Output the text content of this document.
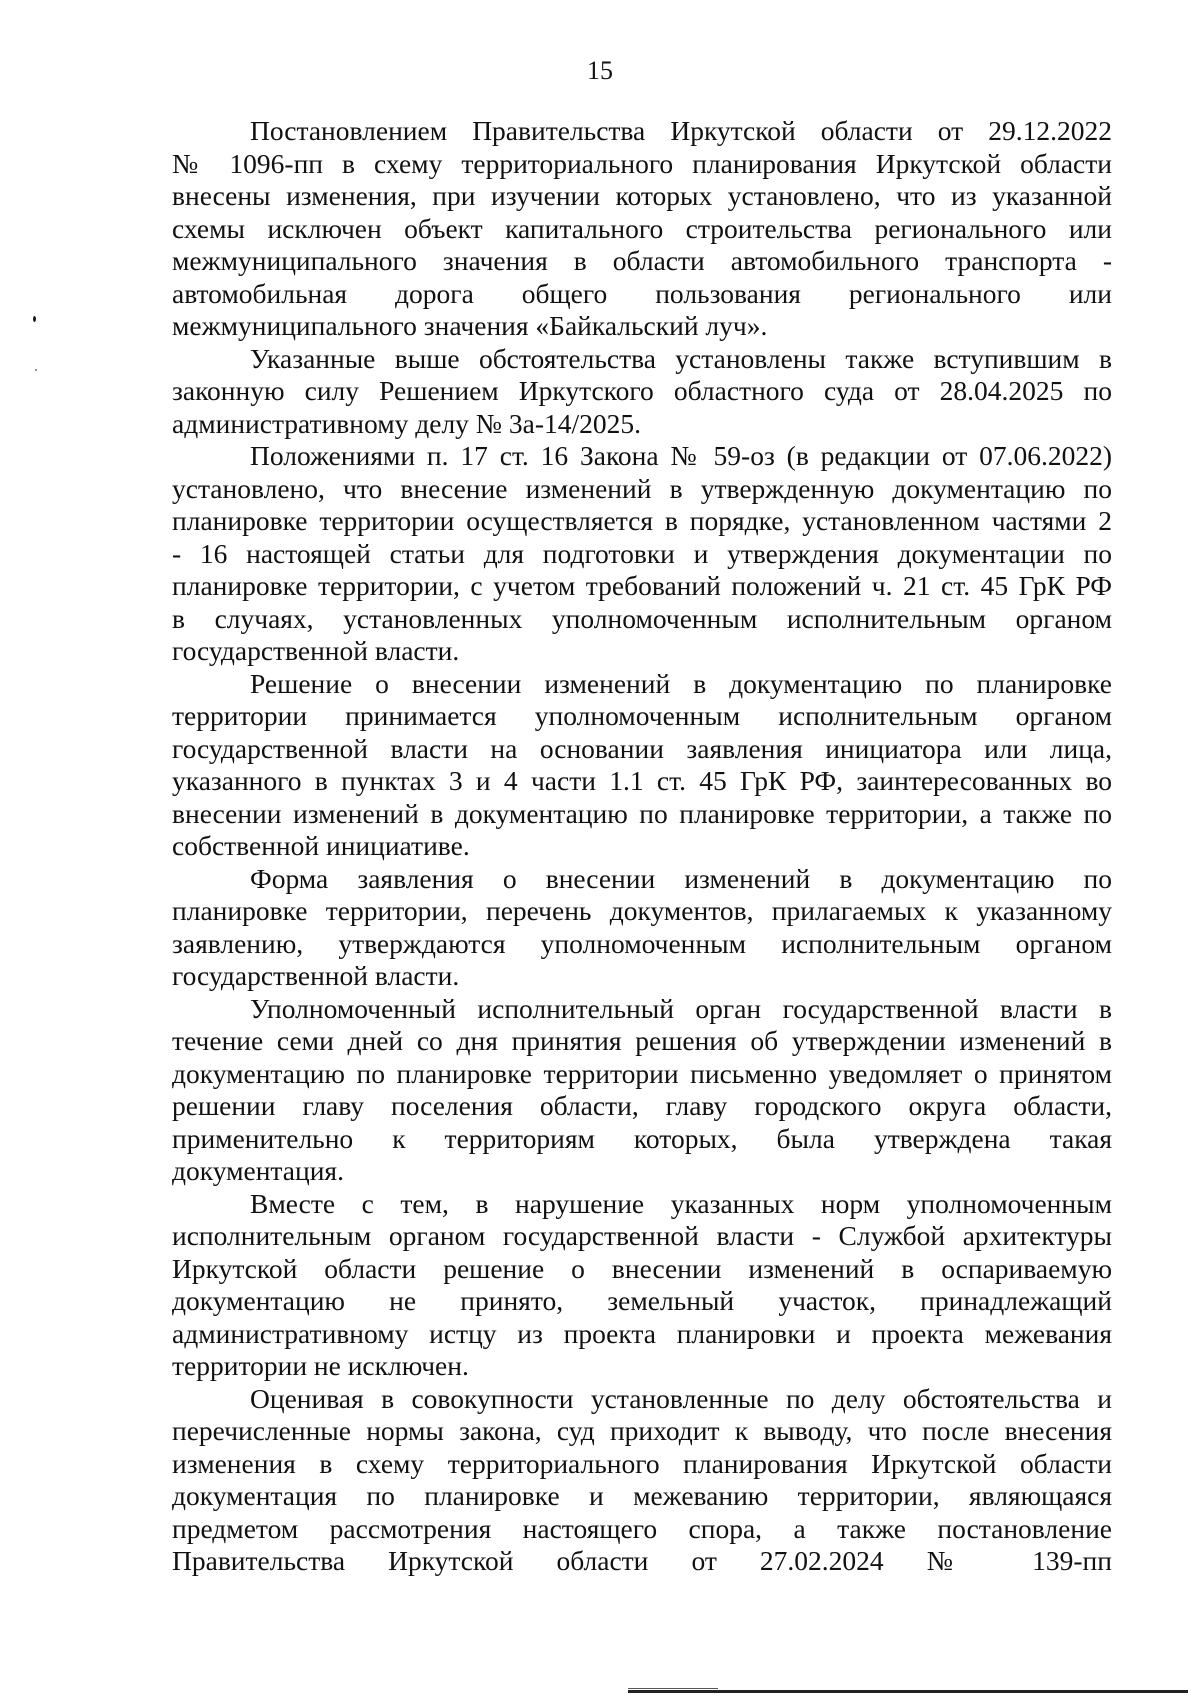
15
Постановлением Правительства Иркутской области от 29.12.2022
№ 1096-пп в схему территориального планирования Иркутской области
внесены изменения, при изучении которых установлено, что из указанной
схемы исключен объект капитального строительства регионального или
межмуниципального значения в области автомобильного транспорта -
автомобильная дорога общего пользования регионального или
межмуниципального значения «Байкальский луч».
Указанные выше обстоятельства установлены также вступившим в
законную силу Решением Иркутского областного суда от 28.04.2025 по
административному делу № 3а-14/2025.
Положениями п. 17 ст. 16 Закона № 59-оз (в редакции от 07.06.2022)
установлено, что внесение изменений в утвержденную документацию по
планировке территории осуществляется в порядке, установленном частями 2
- 16 настоящей статьи для подготовки и утверждения документации по
планировке территории, с учетом требований положений ч. 21 ст. 45 ГрК РФ
в случаях, установленных уполномоченным исполнительным органом
государственной власти.
Решение о внесении изменений в документацию по планировке
территории принимается уполномоченным исполнительным органом
государственной власти на основании заявления инициатора или лица,
указанного в пунктах 3 и 4 части 1.1 ст. 45 ГрК РФ, заинтересованных во
внесении изменений в документацию по планировке территории, а также по
собственной инициативе.
Форма заявления о внесении изменений в документацию по
планировке территории, перечень документов, прилагаемых к указанному
заявлению, утверждаются уполномоченным исполнительным органом
государственной власти.
Уполномоченный исполнительный орган государственной власти в
течение семи дней со дня принятия решения об утверждении изменений в
документацию по планировке территории письменно уведомляет о принятом
решении главу поселения области, главу городского округа области,
применительно к территориям которых, была утверждена такая
документация.
Вместе с тем, в нарушение указанных норм уполномоченным
исполнительным органом государственной власти - Службой архитектуры
Иркутской области решение о внесении изменений в оспариваемую
документацию не принято, земельный участок, принадлежащий
административному истцу из проекта планировки и проекта межевания
территории не исключен.
Оценивая в совокупности установленные по делу обстоятельства и
перечисленные нормы закона, суд приходит к выводу, что после внесения
изменения в схему территориального планирования Иркутской области
документация по планировке и межеванию территории, являющаяся
предметом рассмотрения настоящего спора, а также постановление
Правительства Иркутской области от 27.02.2024 № 139-пп
